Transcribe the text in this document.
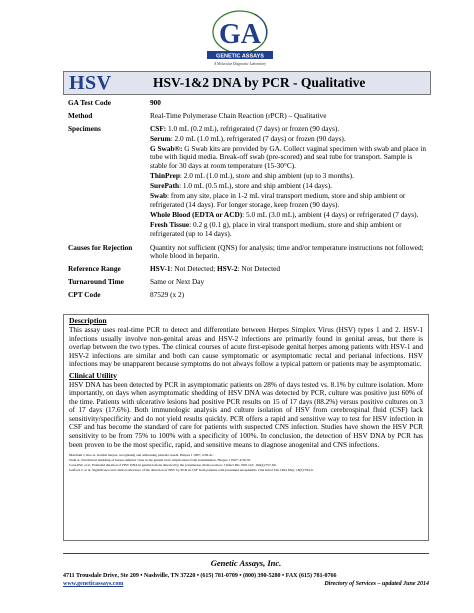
GA
GENETIC ASSAYS
A Molecular Diagnostic Laboratory
HSV	HSV-1&2 DNA by PCR - Qualitative
GA Test Code	900
Method	Real-Time Polymerase Chain Reaction (rPCR) – Qualitative
Specimens	CSF: 1.0 mL (0.2 mL), refrigerated (7 days) or frozen (90 days).
Serum: 2.0 mL (1.0 mL), refrigerated (7 days) or frozen (90 days).
G Swab®: G Swab kits are provided by GA. Collect vaginal specimen with swab and place in tube with liquid media. Break-off swab (pre-scored) and seal tube for transport. Sample is stable for 30 days at room temperature (15-30°C).
ThinPrep: 2.0 mL (1.0 mL), store and ship ambient (up to 3 months).
SurePath: 1.0 mL (0.5 mL), store and ship ambient (14 days).
Swab: from any site, place in 1-2 mL viral transport medium, store and ship ambient or refrigerated (14 days). For longer storage, keep frozen (90 days).
Whole Blood (EDTA or ACD): 5.0 mL (3.0 mL), ambient (4 days) or refrigerated (7 days).
Fresh Tissue: 0.2 g (0.1 g), place in viral transport medium, store and ship ambient or refrigerated (up to 14 days).
Causes for Rejection	Quantity not sufficient (QNS) for analysis; time and/or temperature instructions not followed; whole blood in heparin.
Reference Range	HSV-1: Not Detected; HSV-2: Not Detected
Turnaround Time	Same or Next Day
CPT Code	87529 (x 2)
Description

This assay uses real-time PCR to detect and differentiate between Herpes Simplex Virus (HSV) types 1 and 2. HSV-1 infections usually involve non-genital areas and HSV-2 infections are primarily found in genital areas, but there is overlap between the two types. The clinical courses of acute first-episode genital herpes among patients with HSV-1 and HSV-2 infections are similar and both can cause symptomatic or asymptomatic rectal and perianal infections. HSV infections may be unapparent because symptoms do not always follow a typical pattern or patients may be asymptomatic.

Clinical Utility

HSV DNA has been detected by PCR in asymptomatic patients on 28% of days tested vs. 8.1% by culture isolation. More importantly, on days when asymptomatic shedding of HSV DNA was detected by PCR, culture was positive just 60% of the time. Patients with ulcerative lesions had positive PCR results on 15 of 17 days (88.2%) versus positive cultures on 3 of 17 days (17.6%). Both immunologic analysis and culture isolation of HSV from cerebrospinal fluid (CSF) lack sensitivity/specificity and do not yield results quickly. PCR offers a rapid and sensitive way to test for HSV infection in CSF and has become the standard of care for patients with suspected CNS infection. Studies have shown the HSV PCR sensitivity to be from 75% to 100% with a specificity of 100%. In conclusion, the detection of HSV DNA by PCR has been proven to be the most specific, rapid, and sensitive means to diagnose anogenital and CNS infections.

Matcham J, Roe A. Genital herpes: recognising and addressing patients' needs. Herpes J 1997; 4:36-41.
Wald A. Subclinical shedding of herpes simplex virus in the genital tract: implications from transmission. Herpes J 1997; 4:30-35.
Cone RW, et al. Extended duration of HSV DNA in genital lesions detected by the polymerase chain reaction. J Infect Dis 1991 Oct; 164(4):757-60.
Gafford T, et al. Significance and clinical relevance of the detection of HSV by PCR in CSF from patients with presumed encephalitis. Clin Infect Dis 1994 May; 18(5):794-6.
Genetic Assays, Inc.
4711 Trousdale Drive, Ste 209 • Nashville, TN 37220 • (615) 781-0709 • (800) 390-5280 • FAX (615) 781-0766
www.geneticassays.com	Directory of Services – updated June 2014
